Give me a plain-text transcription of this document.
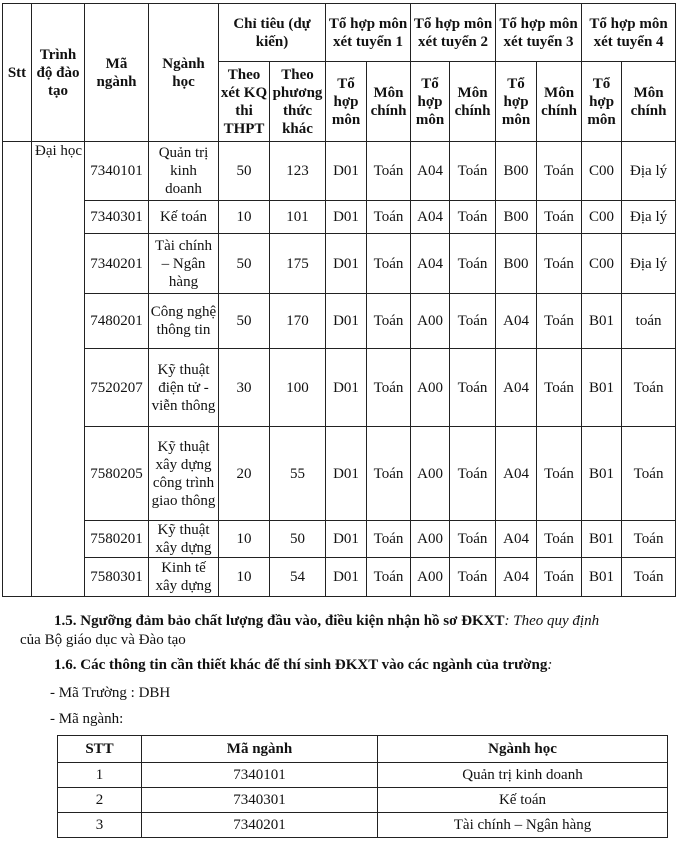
Stt	Trình độ đào tạo	Mã ngành	Ngành học	Chỉ tiêu (dự kiến)		Tổ hợp môn xét tuyển 1		Tổ hợp môn xét tuyển 2		Tổ hợp môn xét tuyển 3		Tổ hợp môn xét tuyển 4	
				Theo xét KQ thi THPT	Theo phương thức khác	Tổ hợp môn	Môn chính	Tổ hợp môn	Môn chính	Tổ hợp môn	Môn chính	Tổ hợp môn	Môn chính
	Đại học	7340101	Quản trị kinh doanh	50	123	D01	Toán	A04	Toán	B00	Toán	C00	Địa lý
		7340301	Kế toán	10	101	D01	Toán	A04	Toán	B00	Toán	C00	Địa lý
		7340201	Tài chính – Ngân hàng	50	175	D01	Toán	A04	Toán	B00	Toán	C00	Địa lý
		7480201	Công nghệ thông tin	50	170	D01	Toán	A00	Toán	A04	Toán	B01	toán
		7520207	Kỹ thuật điện tử - viễn thông	30	100	D01	Toán	A00	Toán	A04	Toán	B01	Toán
		7580205	Kỹ thuật xây dựng công trình giao thông	20	55	D01	Toán	A00	Toán	A04	Toán	B01	Toán
		7580201	Kỹ thuật xây dựng	10	50	D01	Toán	A00	Toán	A04	Toán	B01	Toán
		7580301	Kinh tế xây dựng	10	54	D01	Toán	A00	Toán	A04	Toán	B01	Toán
1.5. Ngưỡng đảm bảo chất lượng đầu vào, điều kiện nhận hồ sơ ĐKXT: Theo quy định
của Bộ giáo dục và Đào tạo
1.6. Các thông tin cần thiết khác để thí sinh ĐKXT vào các ngành của trường:
- Mã Trường : DBH
- Mã ngành:
STT	Mã ngành	Ngành học
1	7340101	Quản trị kinh doanh
2	7340301	Kế toán
3	7340201	Tài chính – Ngân hàng
